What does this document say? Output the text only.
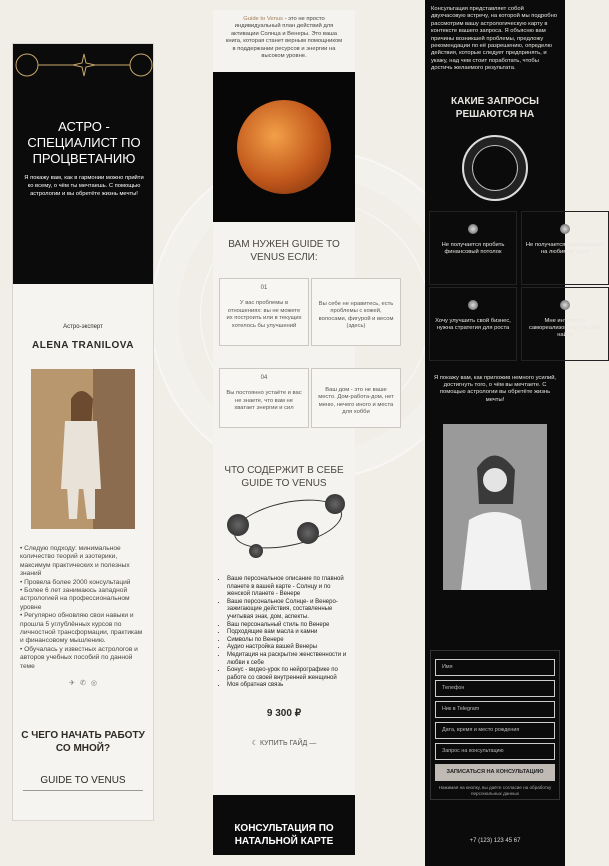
АСТРО - СПЕЦИАЛИСТ ПО ПРОЦВЕТАНИЮ

Я покажу вам, как в гармонии можно прийти ко всему, о чём ты мечтаешь. С помощью астрологии и вы обретёте жизнь мечты!

Астро-эксперт
ALENA TRANILOVA
• Следую подходу: минимальное количество теорий и эзотерики, максимум практических и полезных знаний
• Провела более 2000 консультаций
• Более 6 лет занимаюсь западной астрологией на профессиональном уровне
• Регулярно обновляю свои навыки и прошла 5 углублённых курсов по личностной трансформации, практикам и финансовому мышлению.
• Обучалась у известных астрологов и авторов учебных пособий по данной теме
✈ ✆ ◎
С ЧЕГО НАЧАТЬ РАБОТУ СО МНОЙ?
GUIDE TO VENUS
Guide to Venus - это не просто индивидуальный план действий для активации Солнца и Венеры. Это ваша книга, которая станет верным помощником в поддержании ресурсов и энергии на высоком уровне.
ВАМ НУЖЕН GUIDE TO VENUS ЕСЛИ:
01
У вас проблемы в отношениях: вы не можете их построить или в текущих хотелось бы улучшений
Вы себе не нравитесь, есть проблемы с кожей, волосами, фигурой и весом (здесь)
04
Вы постоянно устаёте и вас не знаете, что вам не хватает энергии и сил
Ваш дом - это не ваше место. Дом-работа-дом, нет меню, нечего иного и места для хобби
ЧТО СОДЕРЖИТ В СЕБЕ GUIDE TO VENUS
• Ваше персональное описание по главной планете в вашей карте - Солнцу и по женской планете - Венере
• Ваше персональное Солнце- и Венеро-зажигающие действия, составленные учитывая знак, дом, аспекты.
• Ваш персональный стиль по Венере
• Подходящие вам масла и камни
• Символы по Венере
• Аудио настройка вашей Венеры
• Медитация на раскрытие женственности и любви к себе
• Бонус - видео-урок по нейрографике по работе со своей внутренней женщиной
• Моя обратная связь
9 300 ₽
☾ КУПИТЬ ГАЙД —
КОНСУЛЬТАЦИЯ ПО НАТАЛЬНОЙ КАРТЕ
Консультация представляет собой двухчасовую встречу, на которой мы подробно рассмотрим вашу астрологическую карту в контексте вашего запроса. Я объясню вам причины возникшей проблемы, предложу рекомендации по её разрешению, определю действия, которые следует предпринять, и укажу, над чем стоит поработать, чтобы достичь желаемого результата.
КАКИЕ ЗАПРОСЫ РЕШАЮТСЯ НА
Не получается пробить финансовый потолок
Не получается зарабатывать на любимом деле
Хочу улучшить свой бизнес, нужна стратегия для роста
Мне интересно самореализоваться и себя найти
Я покажу вам, как приложив немного усилий, достигнуть того, о чём вы мечтаете. С помощью астрологии вы обретёте жизнь мечты!
Имя
Телефон
Ник в Telegram
Дата, время и место рождения
Запрос на консультацию
ЗАПИСАТЬСЯ НА КОНСУЛЬТАЦИЮ
Нажимая на кнопку, вы даёте согласие на обработку персональных данных
+7 (123) 123 45 67
